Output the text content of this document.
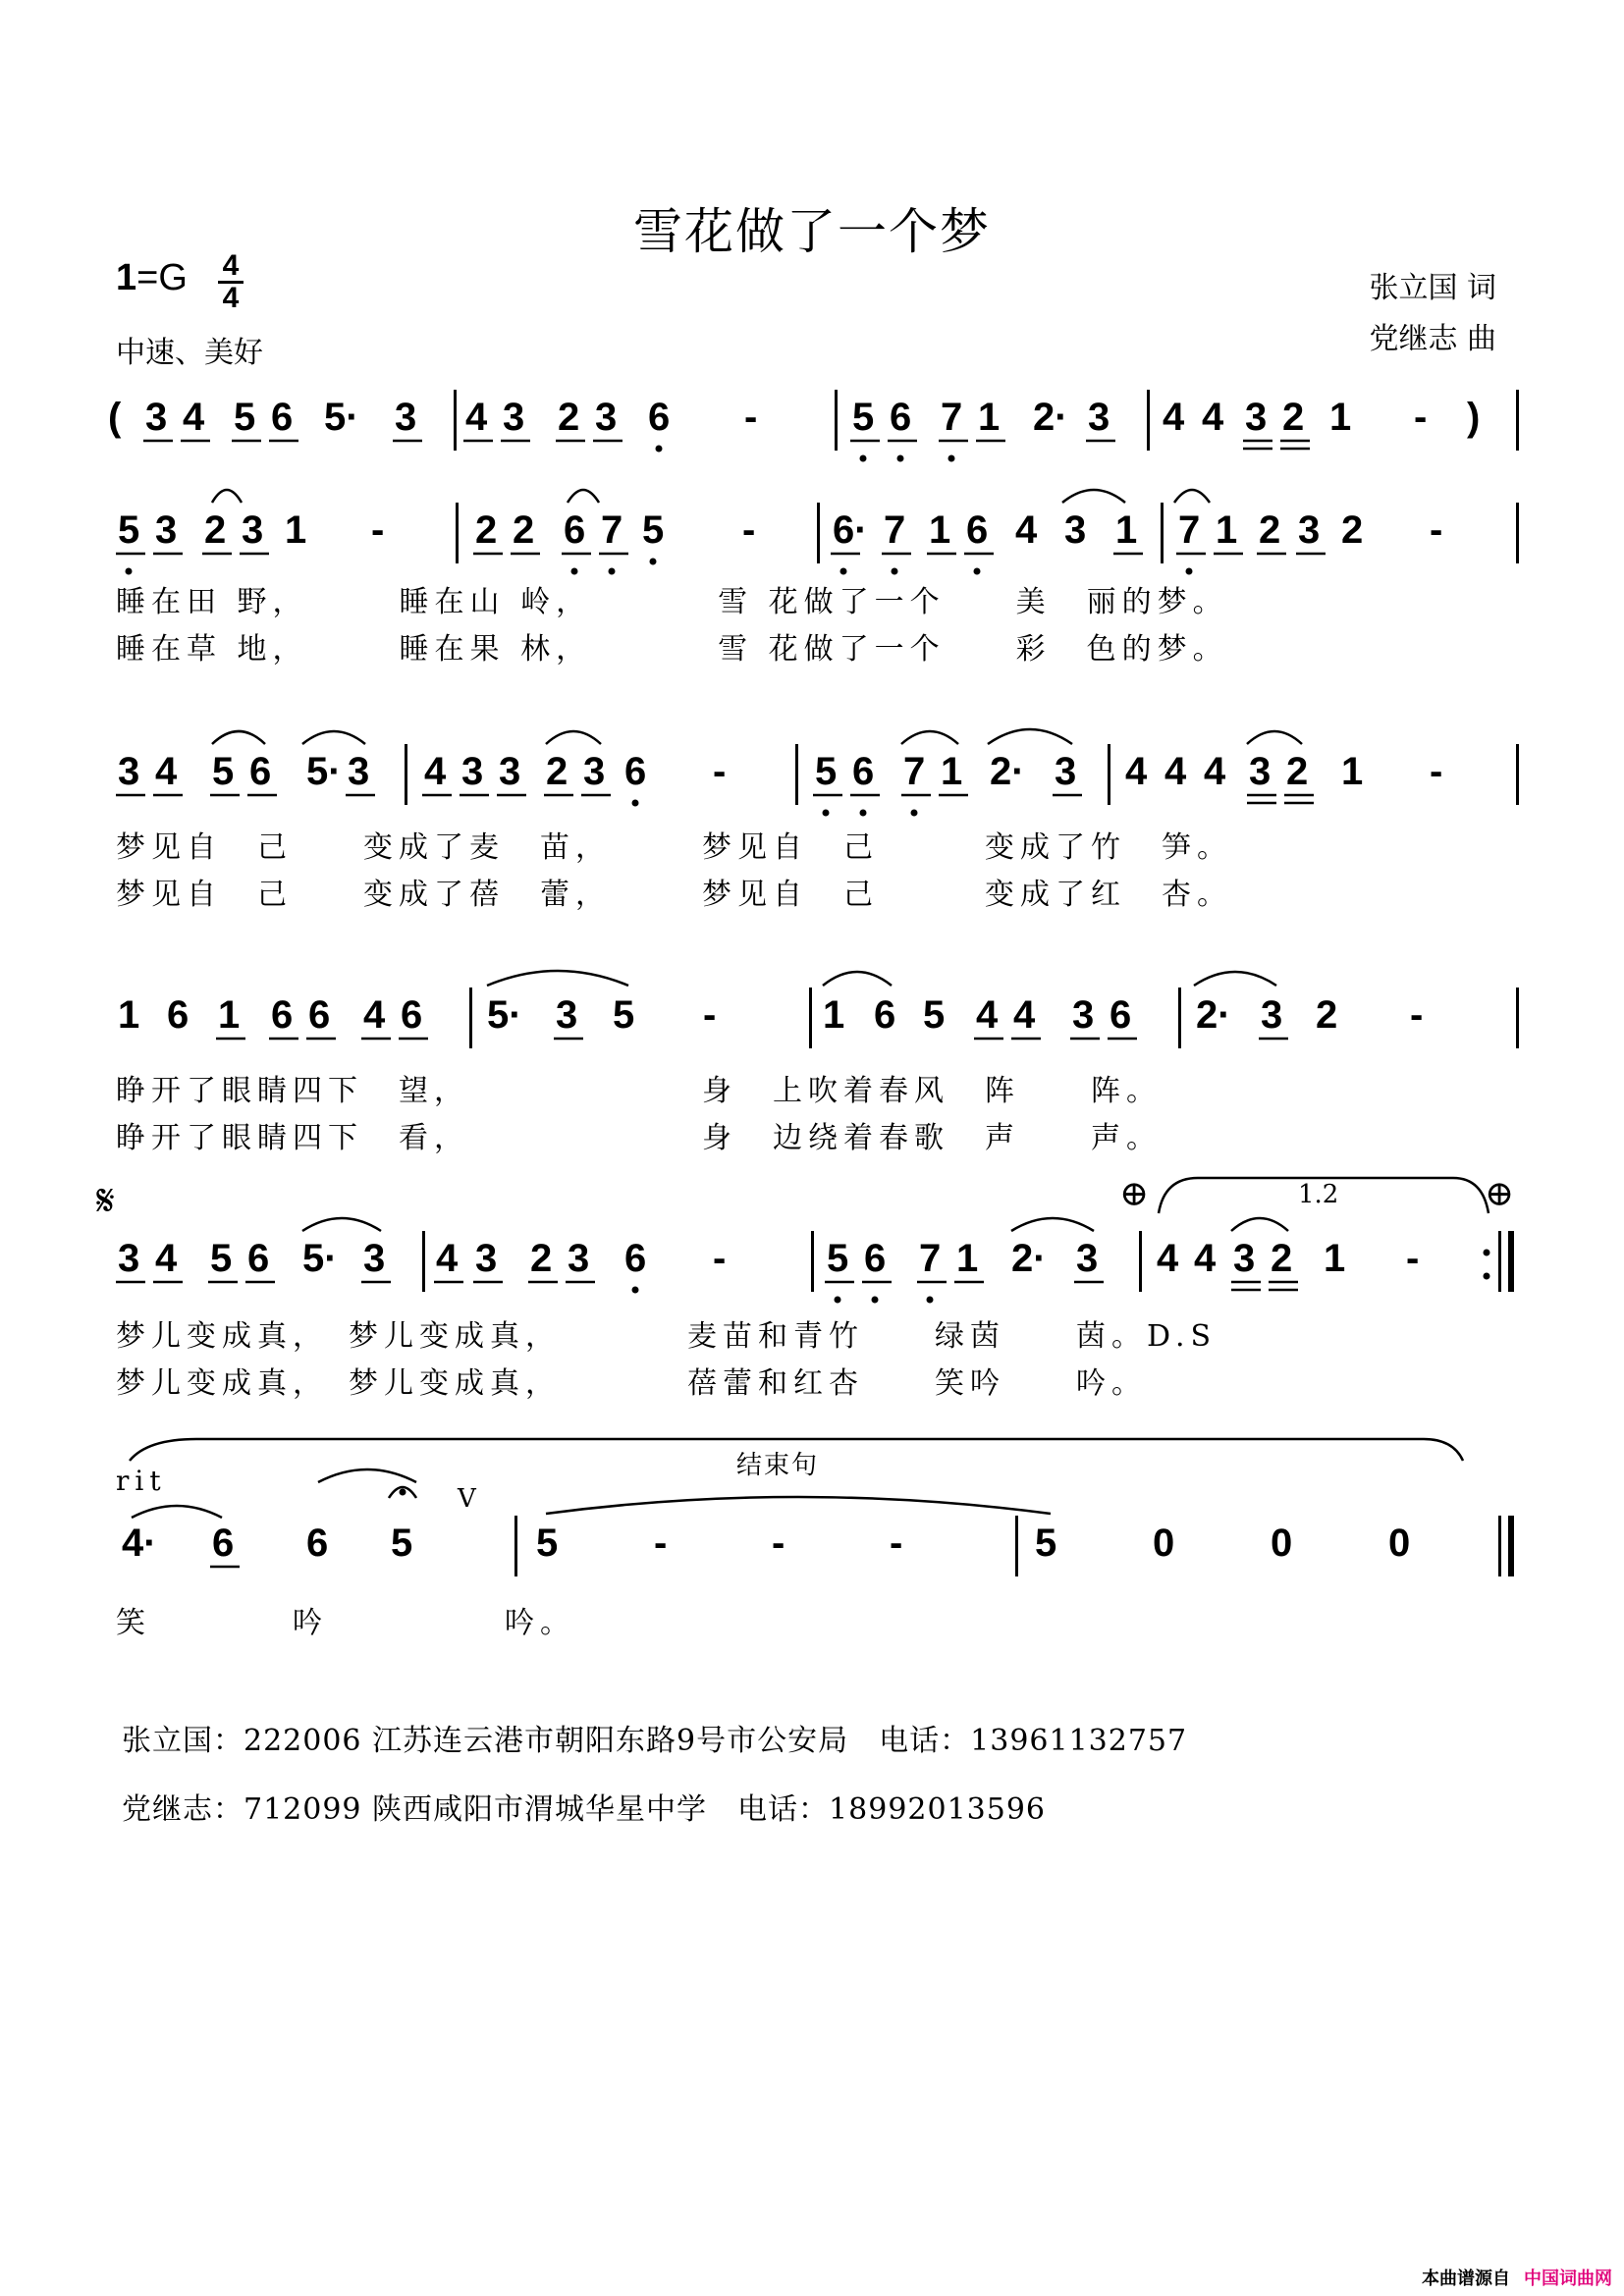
雪花做了一个梦
1=G 4
4
中速、美好
张立国 词
党继志 曲
( 3 4 5 6 5· 3 4 3 2 3 6 - 5 6 7 1 2· 3 4 4 3 2 1 - )
5 3 2 3 1 - 2 2 6 7 5 - 6· 7 1 6 4 3 1 7 1 2 3 2 -
3 4 5 6 5· 3 4 3 3 2 3 6 - 5 6 7 1 2· 3 4 4 4 3 2 1 -
1 6 1 6 6 4 6 5· 3 5 -	1 6 5 4 4 3 6 2· 3 2 -
3 4 5 6 5· 3 4 3 2 3 6 -	5 6 7 1 2· 3 4 4 3 2 1 -
4· 6 6 5	5 -	-	-	5 0 0 0
睡在田 野，　　　睡在山 岭，　　　　雪 花做了一个　　美　丽的梦。
睡在草 地，　　　睡在果 林，　　　　雪 花做了一个　　彩　色的梦。
梦见自　己　　变成了麦　苗，　　　梦见自　己　　　变成了竹　笋。
梦见自　己　　变成了蓓　蕾，　　　梦见自　己　　　变成了红　杏。
睁开了眼睛四下　望，　　　　　　　身　上吹着春风　阵　　阵。
睁开了眼睛四下　看，　　　　　　　身　边绕着春歌　声　　声。
梦儿变成真，　梦儿变成真，　　　　麦苗和青竹　　绿茵　　茵。D.S
梦儿变成真，　梦儿变成真，　　　　蓓蕾和红杏　　笑吟　　吟。
笑　　　　吟　　　　　吟。
𝄋	⊕	⊕
1.2
rit
V
结束句
张立国：222006 江苏连云港市朝阳东路9号市公安局　电话：13961132757
党继志：712099 陕西咸阳市渭城华星中学　电话：18992013596
本曲谱源自 中国词曲网
